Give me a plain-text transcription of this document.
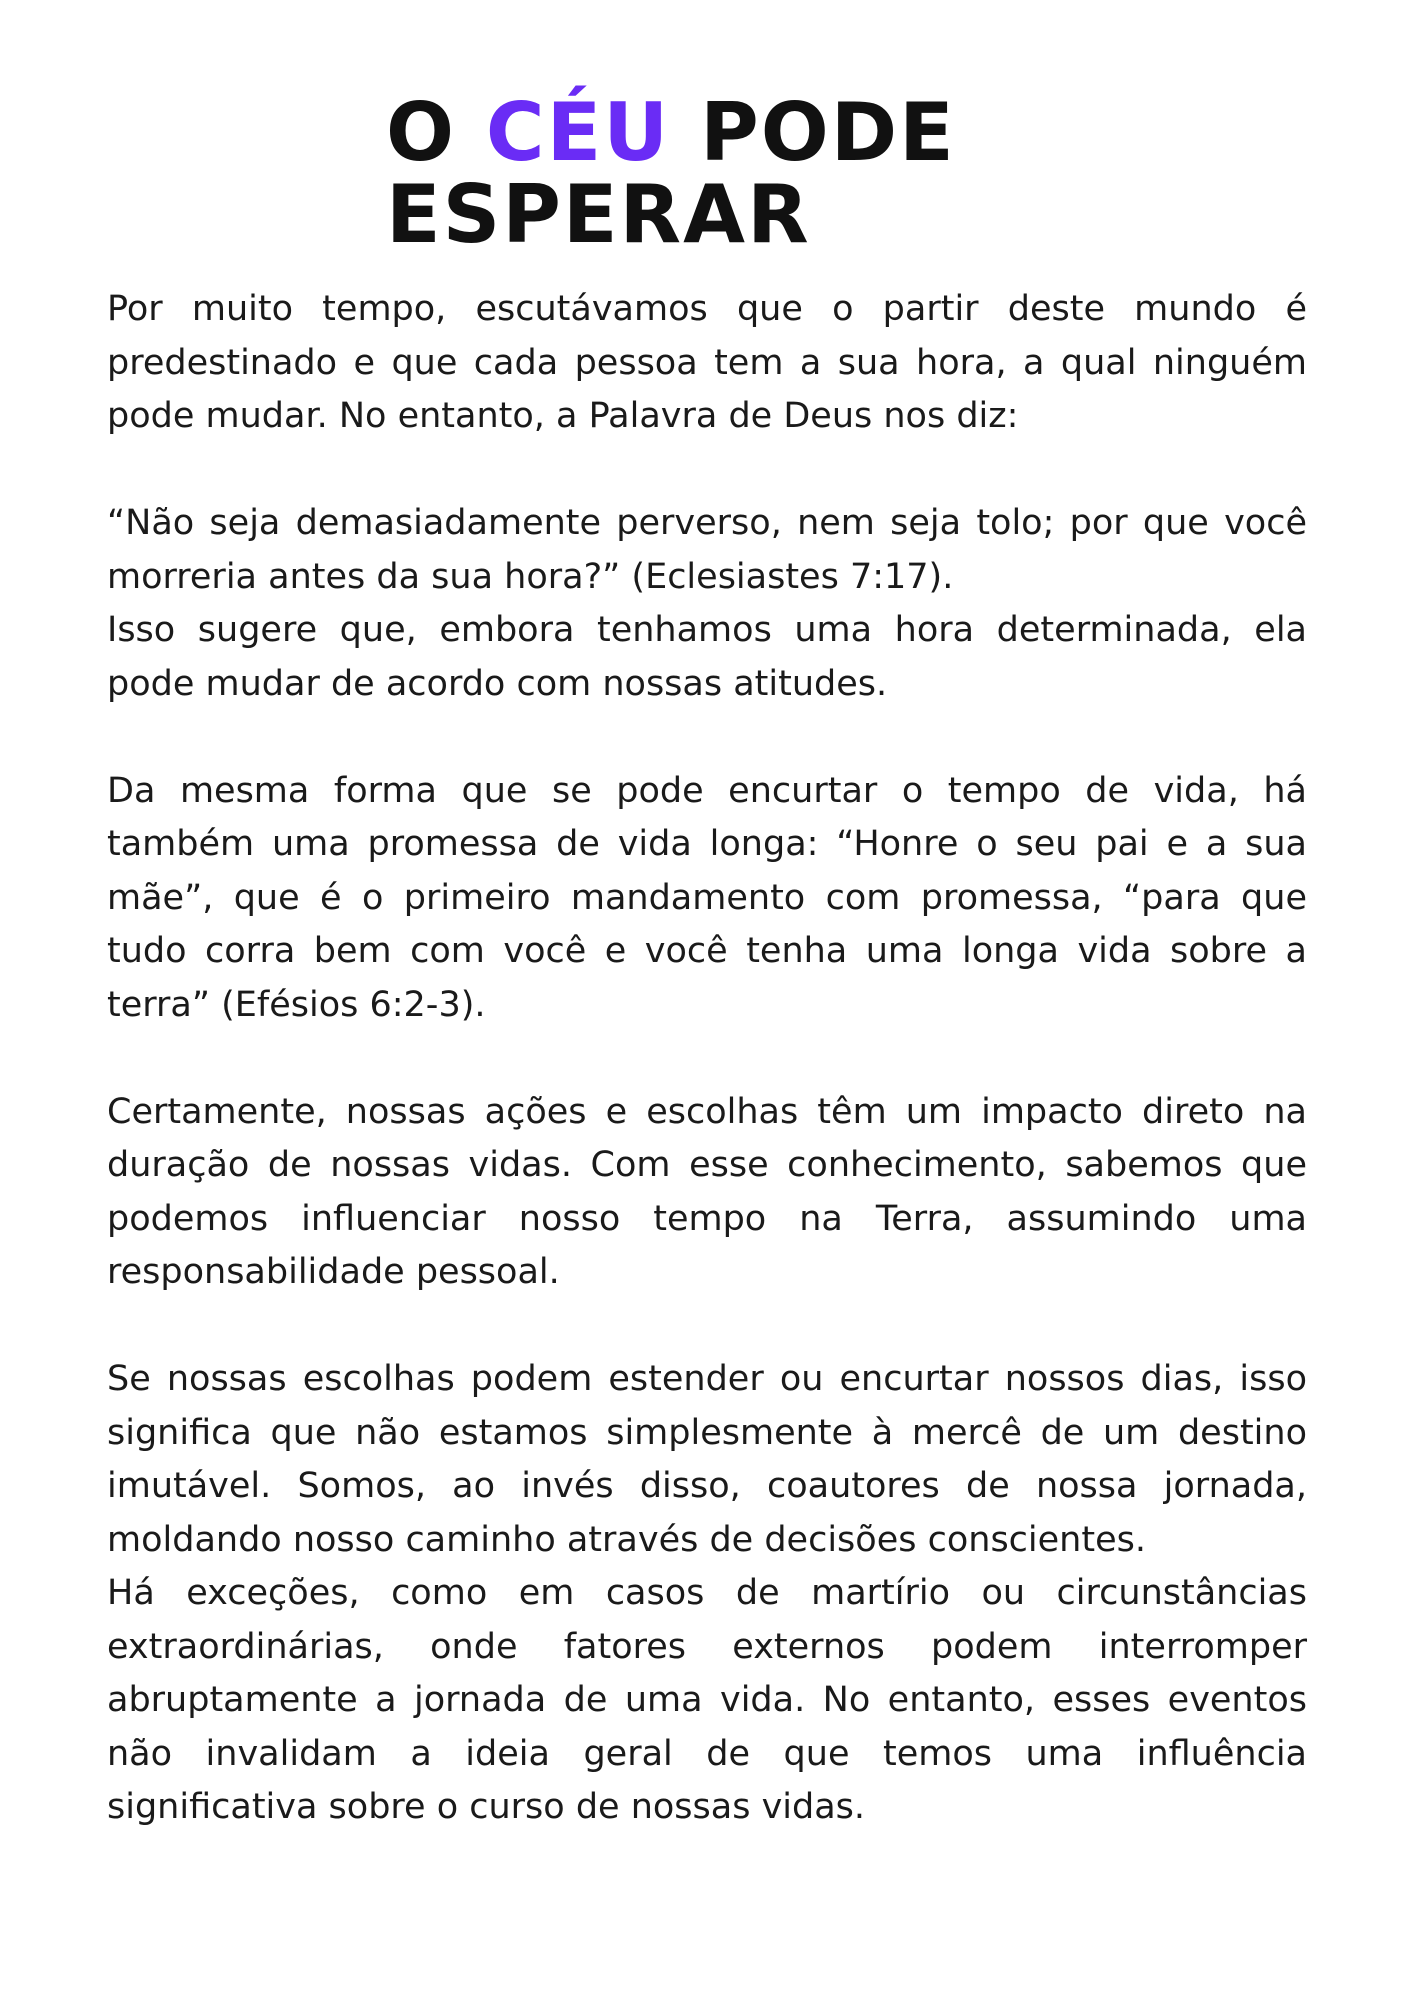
O CÉU PODE
ESPERAR

Por muito tempo, escutávamos que o partir deste mundo é predestinado e que cada pessoa tem a sua hora, a qual ninguém pode mudar. No entanto, a Palavra de Deus nos diz:

“Não seja demasiadamente perverso, nem seja tolo; por que você morreria antes da sua hora?” (Eclesiastes 7:17).

Isso sugere que, embora tenhamos uma hora determinada, ela pode mudar de acordo com nossas atitudes.

Da mesma forma que se pode encurtar o tempo de vida, há também uma promessa de vida longa: “Honre o seu pai e a sua mãe”, que é o primeiro mandamento com promessa, “para que tudo corra bem com você e você tenha uma longa vida sobre a terra” (Efésios 6:2-3).

Certamente, nossas ações e escolhas têm um impacto direto na duração de nossas vidas. Com esse conhecimento, sabemos que podemos influenciar nosso tempo na Terra, assumindo uma responsabilidade pessoal.

Se nossas escolhas podem estender ou encurtar nossos dias, isso significa que não estamos simplesmente à mercê de um destino imutável. Somos, ao invés disso, coautores de nossa jornada, moldando nosso caminho através de decisões conscientes.

Há exceções, como em casos de martírio ou circunstâncias extraordinárias, onde fatores externos podem interromper abruptamente a jornada de uma vida. No entanto, esses eventos não invalidam a ideia geral de que temos uma influência significativa sobre o curso de nossas vidas.
